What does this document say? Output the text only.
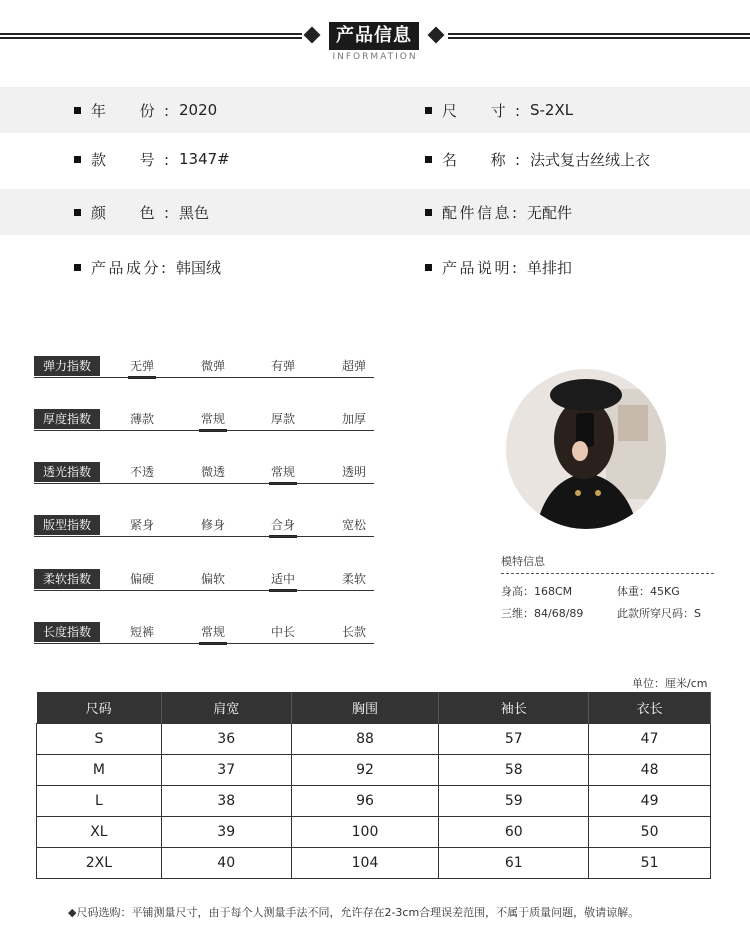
产品信息
INFORMATION
年　份: 2020	尺　寸: S-2XL
款　号: 1347#	名　称: 法式复古丝绒上衣
颜　色: 黑色	配件信息: 无配件
产品成分: 韩国绒	产品说明: 单排扣
弹力指数	无弹	微弹	有弹	超弹
厚度指数	薄款	常规	厚款	加厚
透光指数	不透	微透	常规	透明
版型指数	紧身	修身	合身	宽松
柔软指数	偏硬	偏软	适中	柔软
长度指数	短裤	常规	中长	长款
模特信息
身高：168CM	体重：45KG
三维：84/68/89	此款所穿尺码：S
单位：厘米/cm
尺码	肩宽	胸围	袖长	衣长
S	36	88	57	47
M	37	92	58	48
L	38	96	59	49
XL	39	100	60	50
2XL	40	104	61	51
◆尺码选购：平铺测量尺寸，由于每个人测量手法不同，允许存在2-3cm合理误差范围，不属于质量问题，敬请谅解。
